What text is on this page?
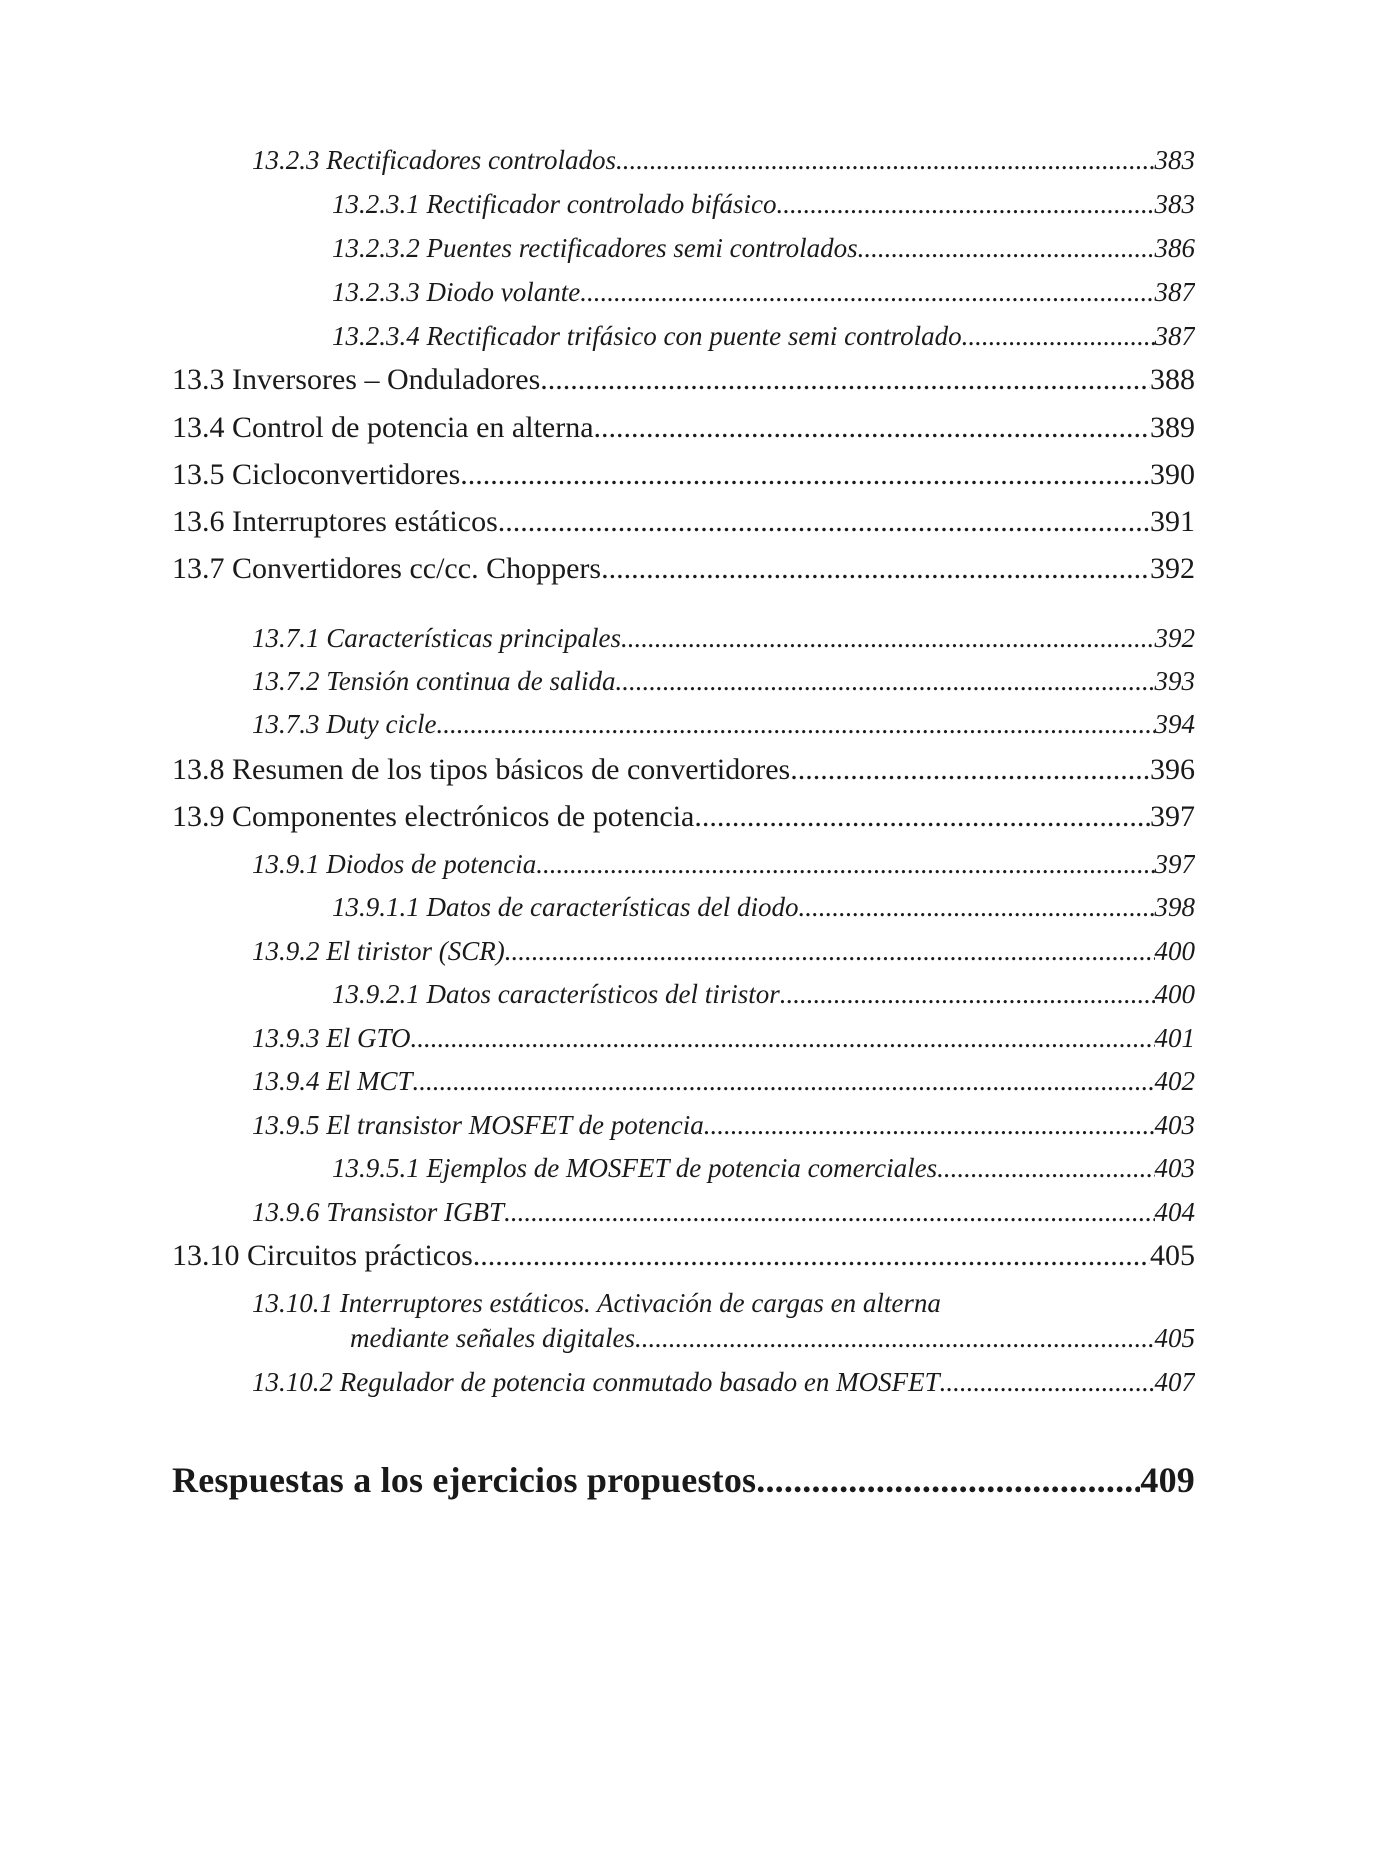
13.2.3 Rectificadores controlados .....	383
13.2.3.1 Rectificador controlado bifásico .....	383
13.2.3.2 Puentes rectificadores semi controlados .....	386
13.2.3.3 Diodo volante .....	387
13.2.3.4 Rectificador trifásico con puente semi controlado .....	387
13.3 Inversores – Onduladores .....	388
13.4 Control de potencia en alterna .....	389
13.5 Cicloconvertidores .....	390
13.6 Interruptores estáticos .....	391
13.7 Convertidores cc/cc. Choppers .....	392
13.7.1 Características principales .....	392
13.7.2 Tensión continua de salida .....	393
13.7.3 Duty cicle .....	394
13.8 Resumen de los tipos básicos de convertidores .....	396
13.9 Componentes electrónicos de potencia .....	397
13.9.1 Diodos de potencia .....	397
13.9.1.1 Datos de características del diodo .....	398
13.9.2 El tiristor (SCR) .....	400
13.9.2.1 Datos característicos del tiristor .....	400
13.9.3 El GTO .....	401
13.9.4 El MCT .....	402
13.9.5 El transistor MOSFET de potencia .....	403
13.9.5.1 Ejemplos de MOSFET de potencia comerciales .....	403
13.9.6 Transistor IGBT .....	404
13.10 Circuitos prácticos .....	405
13.10.1 Interruptores estáticos. Activación de cargas en alterna
mediante señales digitales .....	405
13.10.2 Regulador de potencia conmutado basado en MOSFET .....	407
Respuestas a los ejercicios propuestos .....	409
